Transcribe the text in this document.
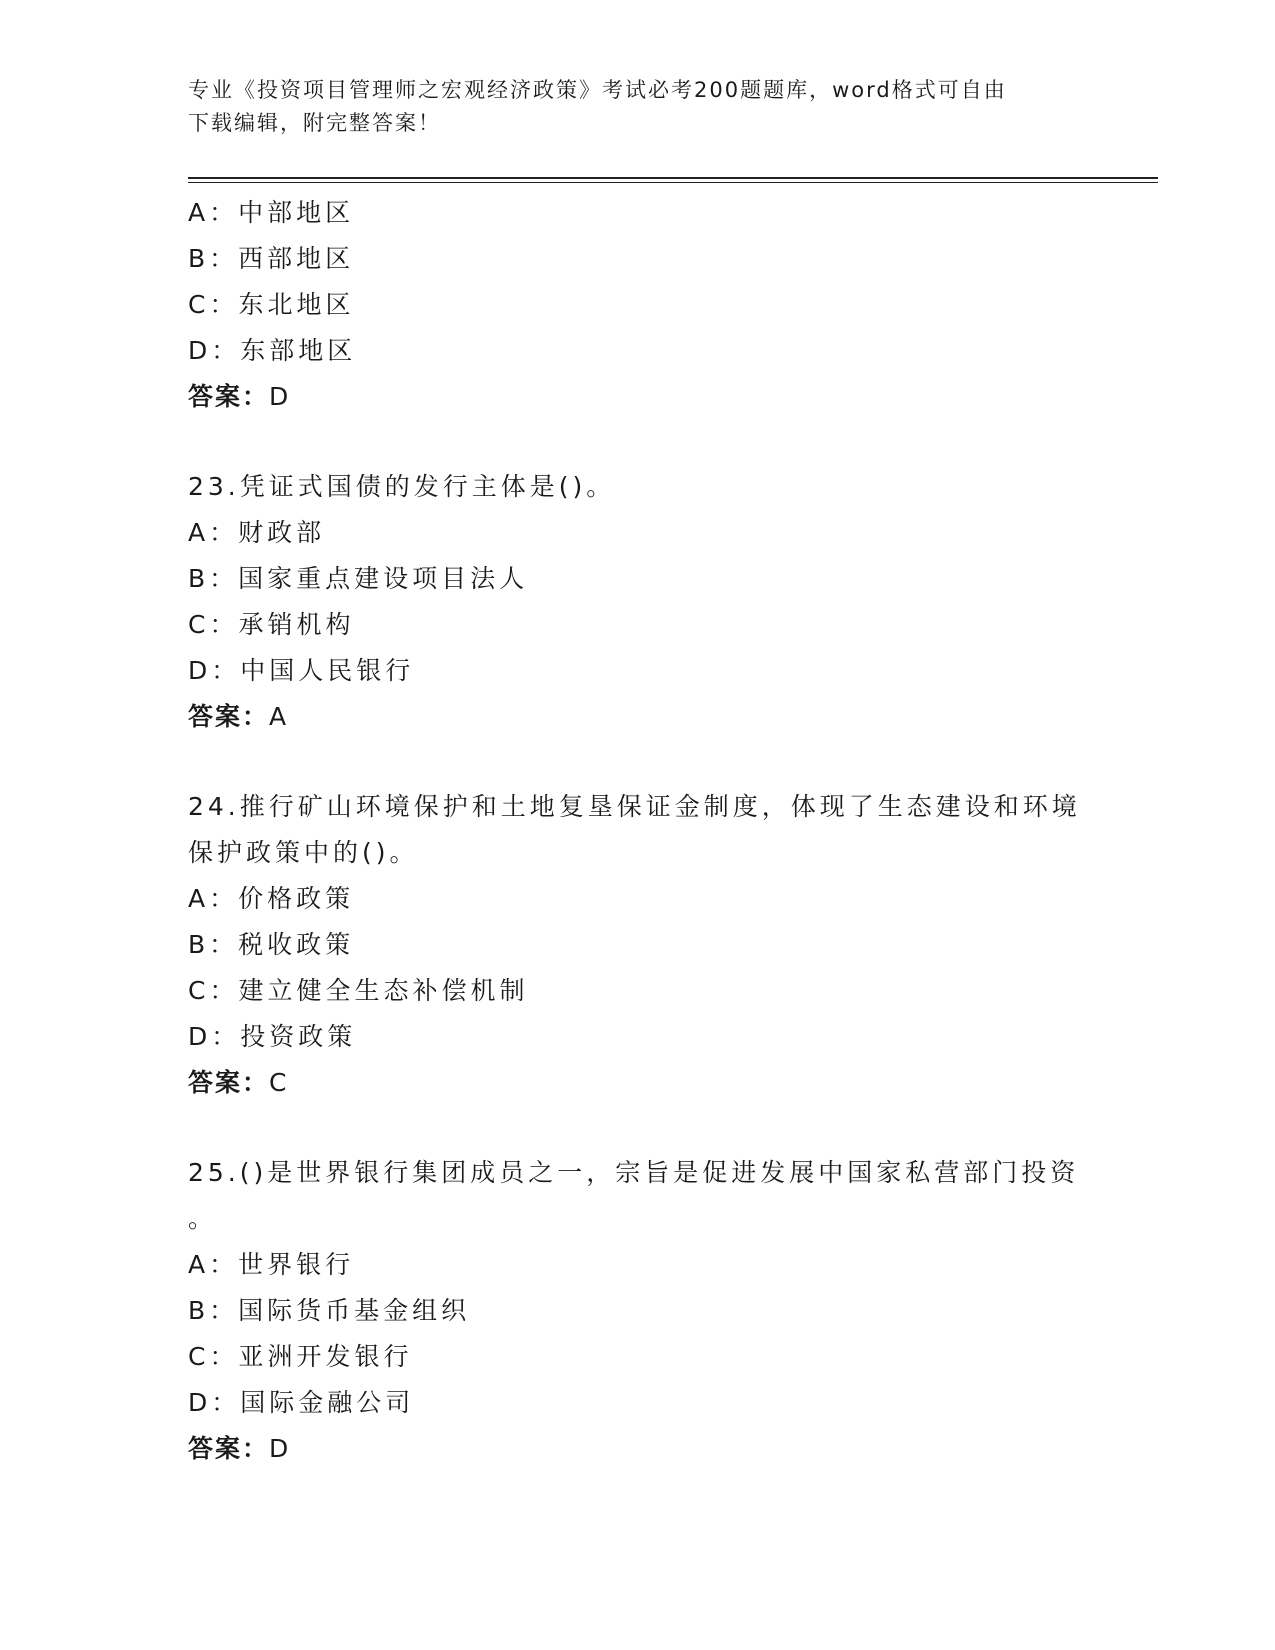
专业《投资项目管理师之宏观经济政策》考试必考200题题库，word格式可自由
下载编辑，附完整答案！
A：中部地区
B：西部地区
C：东北地区
D：东部地区
答案：D
23.凭证式国债的发行主体是()。
A：财政部
B：国家重点建设项目法人
C：承销机构
D：中国人民银行
答案：A
24.推行矿山环境保护和土地复垦保证金制度，体现了生态建设和环境
保护政策中的()。
A：价格政策
B：税收政策
C：建立健全生态补偿机制
D：投资政策
答案：C
25.()是世界银行集团成员之一，宗旨是促进发展中国家私营部门投资
。
A：世界银行
B：国际货币基金组织
C：亚洲开发银行
D：国际金融公司
答案：D
